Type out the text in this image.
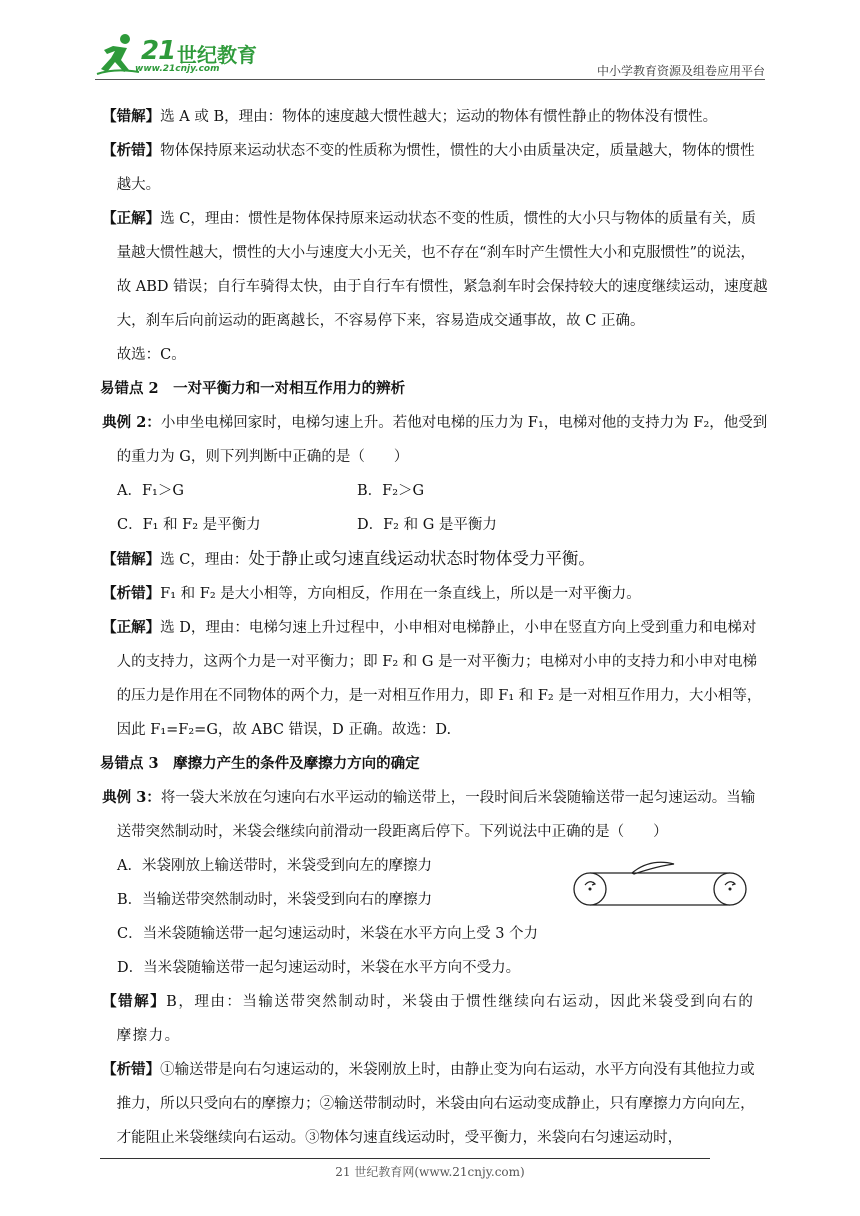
21 世纪教育
www.21cnjy.com	中小学教育资源及组卷应用平台

【错解】选 A 或 B，理由：物体的速度越大惯性越大；运动的物体有惯性静止的物体没有惯性。

【析错】物体保持原来运动状态不变的性质称为惯性，惯性的大小由质量决定，质量越大，物体的惯性越大。

【正解】选 C，理由：惯性是物体保持原来运动状态不变的性质，惯性的大小只与物体的质量有关，质量越大惯性越大，惯性的大小与速度大小无关，也不存在“刹车时产生惯性大小和克服惯性”的说法，故 ABD 错误；自行车骑得太快，由于自行车有惯性，紧急刹车时会保持较大的速度继续运动，速度越大，刹车后向前运动的距离越长，不容易停下来，容易造成交通事故，故 C 正确。

故选：C。
易错点 2　一对平衡力和一对相互作用力的辨析

典例 2：小申坐电梯回家时，电梯匀速上升。若他对电梯的压力为 F₁，电梯对他的支持力为 F₂，他受到的重力为 G，则下列判断中正确的是（　　）

A．F₁＞G	B．F₂＞G
C．F₁ 和 F₂ 是平衡力	D．F₂ 和 G 是平衡力

【错解】选 C，理由：处于静止或匀速直线运动状态时物体受力平衡。

【析错】F₁ 和 F₂ 是大小相等，方向相反，作用在一条直线上，所以是一对平衡力。

【正解】选 D，理由：电梯匀速上升过程中，小申相对电梯静止，小申在竖直方向上受到重力和电梯对人的支持力，这两个力是一对平衡力；即 F₂ 和 G 是一对平衡力；电梯对小申的支持力和小申对电梯的压力是作用在不同物体的两个力，是一对相互作用力，即 F₁ 和 F₂ 是一对相互作用力，大小相等，因此 F₁=F₂=G，故 ABC 错误，D 正确。故选：D.

易错点 3　摩擦力产生的条件及摩擦力方向的确定

典例 3：将一袋大米放在匀速向右水平运动的输送带上，一段时间后米袋随输送带一起匀速运动。当输送带突然制动时，米袋会继续向前滑动一段距离后停下。下列说法中正确的是（　　）

A．米袋刚放上输送带时，米袋受到向左的摩擦力
B．当输送带突然制动时，米袋受到向右的摩擦力
C．当米袋随输送带一起匀速运动时，米袋在水平方向上受 3 个力
D．当米袋随输送带一起匀速运动时，米袋在水平方向不受力。

【错解】B，理由：当输送带突然制动时，米袋由于惯性继续向右运动，因此米袋受到向右的摩擦力。

【析错】①输送带是向右匀速运动的，米袋刚放上时，由静止变为向右运动，水平方向没有其他拉力或推力，所以只受向右的摩擦力；②输送带制动时，米袋由向右运动变成静止，只有摩擦力方向向左，才能阻止米袋继续向右运动。③物体匀速直线运动时，受平衡力，米袋向右匀速运动时，

21 世纪教育网(www.21cnjy.com)
